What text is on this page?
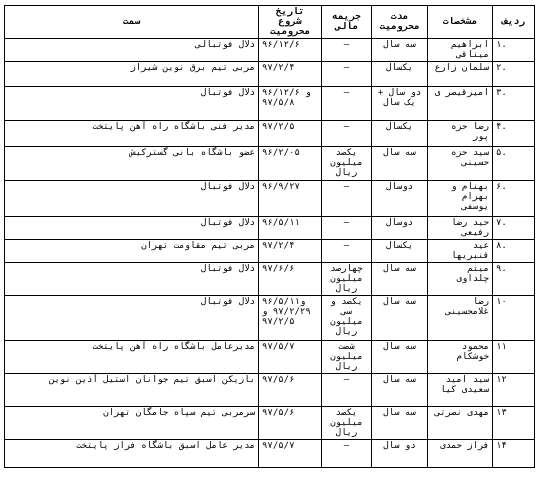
ردیف	مشخصات	مدت محرومیت	جریمه مالی	تاریخ شروع محرومیت	سمت
۱.	ابراهیم میناقی	سه سال	–	۹۶/۱۲/۶	دلال فوتبالی
۲.	سلمان زارع	یکسال	–	۹۷/۲/۴	مربی تیم برق نوین شیراز
۳.	امیرقیصر ی	دو سال + یک سال	–	۹۶/۱۲/۶ و ۹۷/۵/۸	دلال فوتبال
۴.	رضا حزه پور	یکسال	–	۹۷/۲/۵	مدیر فنی باشگاه راه آهن پایتخت
۵.	سید حزه حسینی	سه سال	یکصد میلیون ریال	۹۶/۲/۰۵	عضو باشگاه بانی گسترکیش
۶.	بهنام و بهرام یوسفی	دوسال	–	۹۶/۹/۲۷	دلال فوتبال
۷.	حید رضا رفیعی	دوسال	–	۹۶/۵/۱۱	دلال فوتبال
۸.	عید قنبریها	یکسال	–	۹۷/۲/۴	مربی تیم مقاومت تهران
۹.	میثم چلداوی	سه سال	چهارصد میلیون ریال	۹۷/۶/۶	دلال فوتبال
۱۰	رضا غلامحسینی	سه سال	یکصد و سی میلیون ریال	۹۶/۵/۱۱و ۹۷/۲/۲۹ و ۹۷/۲/۵	دلال فوتبال
۱۱	محمود خوشکام	سه سال	شصت میلیون ریال	۹۷/۵/۷	مدیرعامل باشگاه راه آهن پایتخت
۱۲	سید امید سعیدی کیا	سه سال	–	۹۷/۵/۶	بازیکن اسبق تیم جوانان استیل آذین نوین
۱۳	مهدی نصرتی	سه سال	یکصد میلیون ریال	۹۷/۵/۶	سرمربی تیم سپاه جامگان تهران
۱۴	فراز حمدی	دو سال	–	۹۷/۵/۷	مدیر عامل اسبق باشگاه فراز پایتخت
